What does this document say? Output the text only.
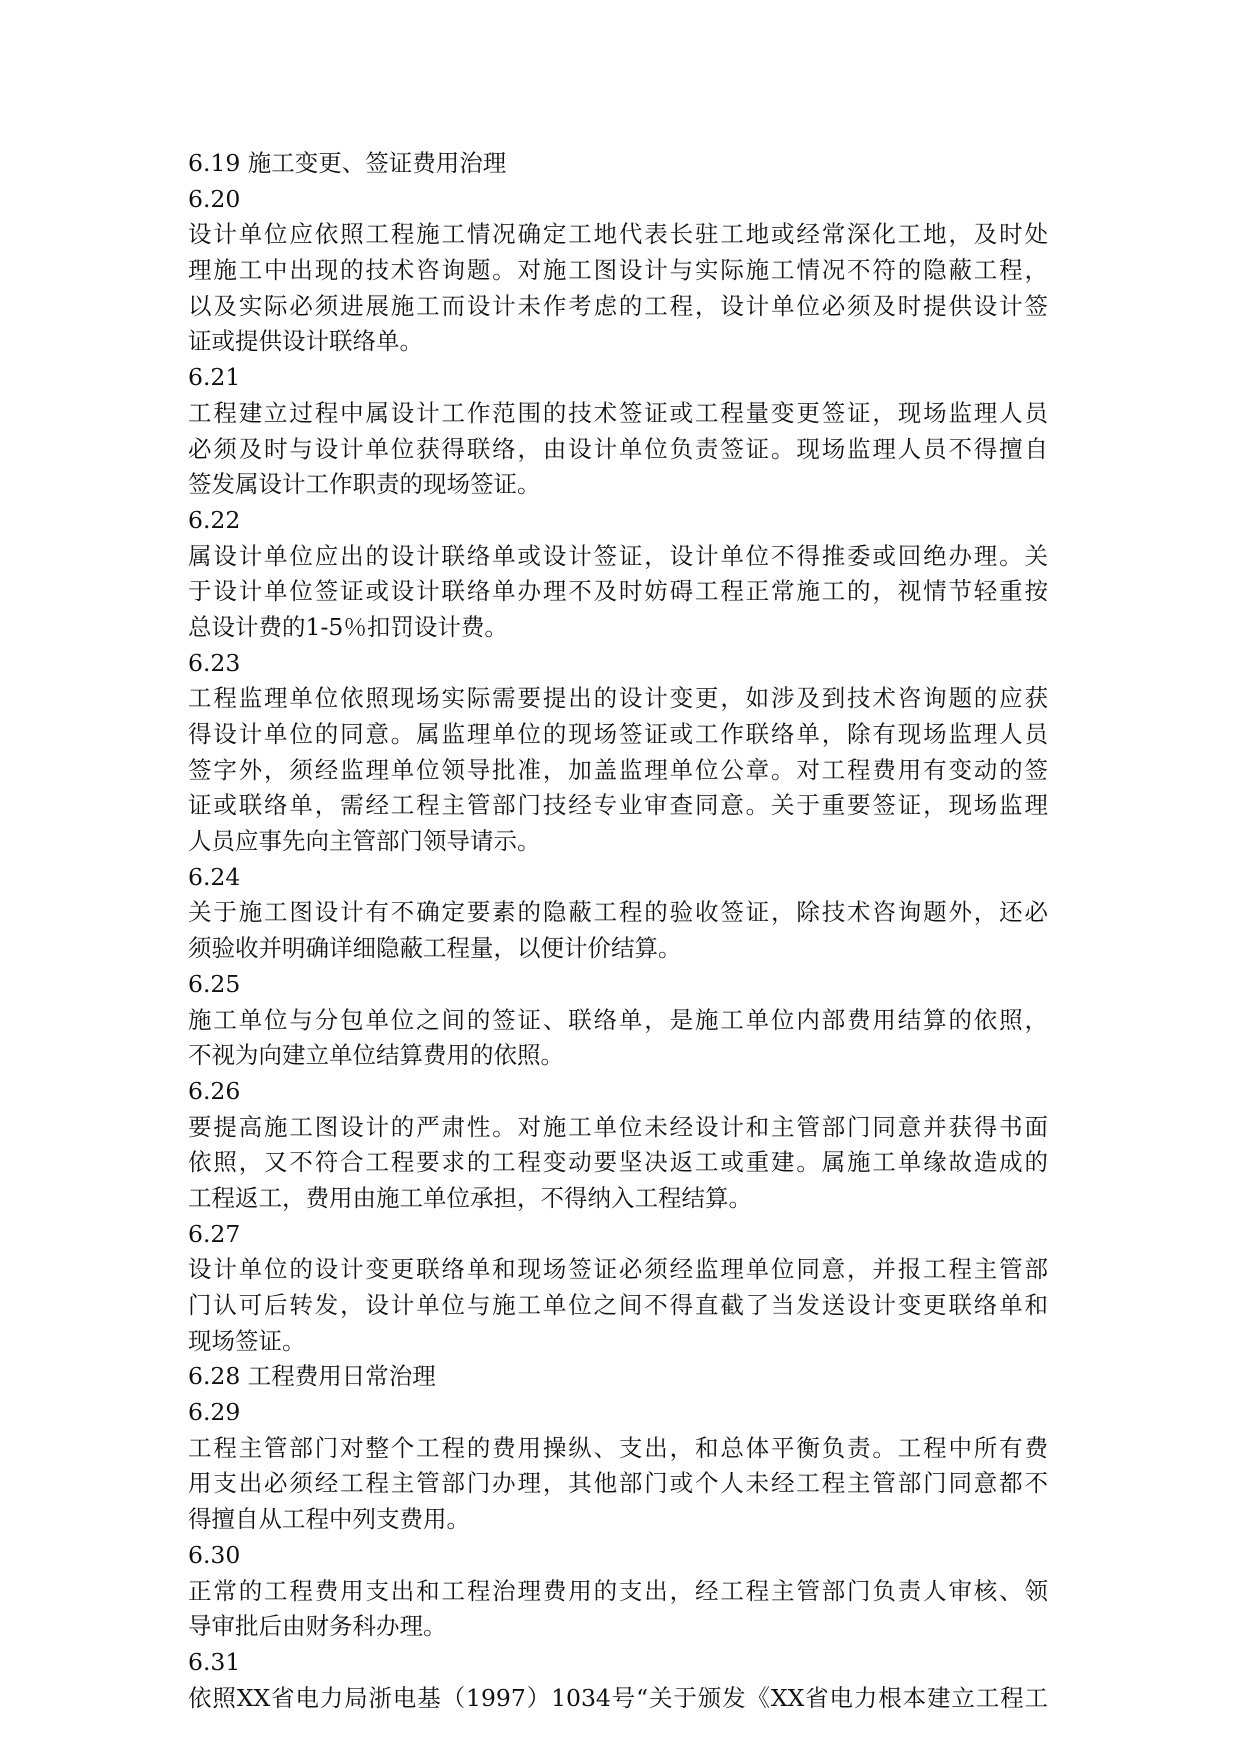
6.19 施工变更、签证费用治理
6.20
设计单位应依照工程施工情况确定工地代表长驻工地或经常深化工地，及时处
理施工中出现的技术咨询题。对施工图设计与实际施工情况不符的隐蔽工程，
以及实际必须进展施工而设计未作考虑的工程，设计单位必须及时提供设计签
证或提供设计联络单。
6.21
工程建立过程中属设计工作范围的技术签证或工程量变更签证，现场监理人员
必须及时与设计单位获得联络，由设计单位负责签证。现场监理人员不得擅自
签发属设计工作职责的现场签证。
6.22
属设计单位应出的设计联络单或设计签证，设计单位不得推委或回绝办理。关
于设计单位签证或设计联络单办理不及时妨碍工程正常施工的，视情节轻重按
总设计费的1-5％扣罚设计费。
6.23
工程监理单位依照现场实际需要提出的设计变更，如涉及到技术咨询题的应获
得设计单位的同意。属监理单位的现场签证或工作联络单，除有现场监理人员
签字外，须经监理单位领导批准，加盖监理单位公章。对工程费用有变动的签
证或联络单，需经工程主管部门技经专业审查同意。关于重要签证，现场监理
人员应事先向主管部门领导请示。
6.24
关于施工图设计有不确定要素的隐蔽工程的验收签证，除技术咨询题外，还必
须验收并明确详细隐蔽工程量，以便计价结算。
6.25
施工单位与分包单位之间的签证、联络单，是施工单位内部费用结算的依照，
不视为向建立单位结算费用的依照。
6.26
要提高施工图设计的严肃性。对施工单位未经设计和主管部门同意并获得书面
依照，又不符合工程要求的工程变动要坚决返工或重建。属施工单缘故造成的
工程返工，费用由施工单位承担，不得纳入工程结算。
6.27
设计单位的设计变更联络单和现场签证必须经监理单位同意，并报工程主管部
门认可后转发，设计单位与施工单位之间不得直截了当发送设计变更联络单和
现场签证。
6.28 工程费用日常治理
6.29
工程主管部门对整个工程的费用操纵、支出，和总体平衡负责。工程中所有费
用支出必须经工程主管部门办理，其他部门或个人未经工程主管部门同意都不
得擅自从工程中列支费用。
6.30
正常的工程费用支出和工程治理费用的支出，经工程主管部门负责人审核、领
导审批后由财务科办理。
6.31
依照XX省电力局浙电基（1997）1034号“关于颁发《XX省电力根本建立工程工
